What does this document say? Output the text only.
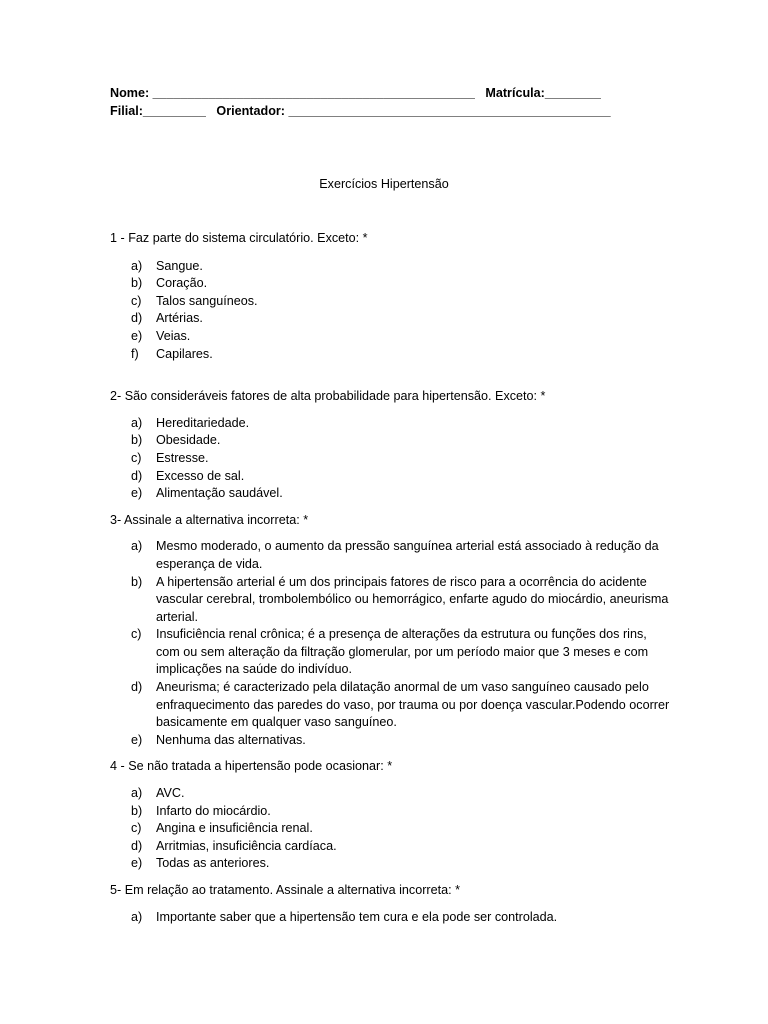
Nome: ______________________________________________   Matrícula:________
Filial:_________   Orientador: ______________________________________________
Exercícios Hipertensão

1 - Faz parte do sistema circulatório. Exceto: *

a) Sangue.
b) Coração.
c) Talos sanguíneos.
d) Artérias.
e) Veias.
f) Capilares.

2- São consideráveis fatores de alta probabilidade para hipertensão. Exceto: *

a) Hereditariedade.
b) Obesidade.
c) Estresse.
d) Excesso de sal.
e) Alimentação saudável.

3- Assinale a alternativa incorreta: *

a) Mesmo moderado, o aumento da pressão sanguínea arterial está associado à redução da esperança de vida.
b) A hipertensão arterial é um dos principais fatores de risco para a ocorrência do acidente vascular cerebral, trombolembólico ou hemorrágico, enfarte agudo do miocárdio, aneurisma arterial.
c) Insuficiência renal crônica; é a presença de alterações da estrutura ou funções dos rins, com ou sem alteração da filtração glomerular, por um período maior que 3 meses e com implicações na saúde do indivíduo.
d) Aneurisma; é caracterizado pela dilatação anormal de um vaso sanguíneo causado pelo enfraquecimento das paredes do vaso, por trauma ou por doença vascular.Podendo ocorrer basicamente em qualquer vaso sanguíneo.
e) Nenhuma das alternativas.

4 - Se não tratada a hipertensão pode ocasionar: *

a) AVC.
b) Infarto do miocárdio.
c) Angina e insuficiência renal.
d) Arritmias, insuficiência cardíaca.
e) Todas as anteriores.

5- Em relação ao tratamento. Assinale a alternativa incorreta: *

a) Importante saber que a hipertensão tem cura e ela pode ser controlada.
